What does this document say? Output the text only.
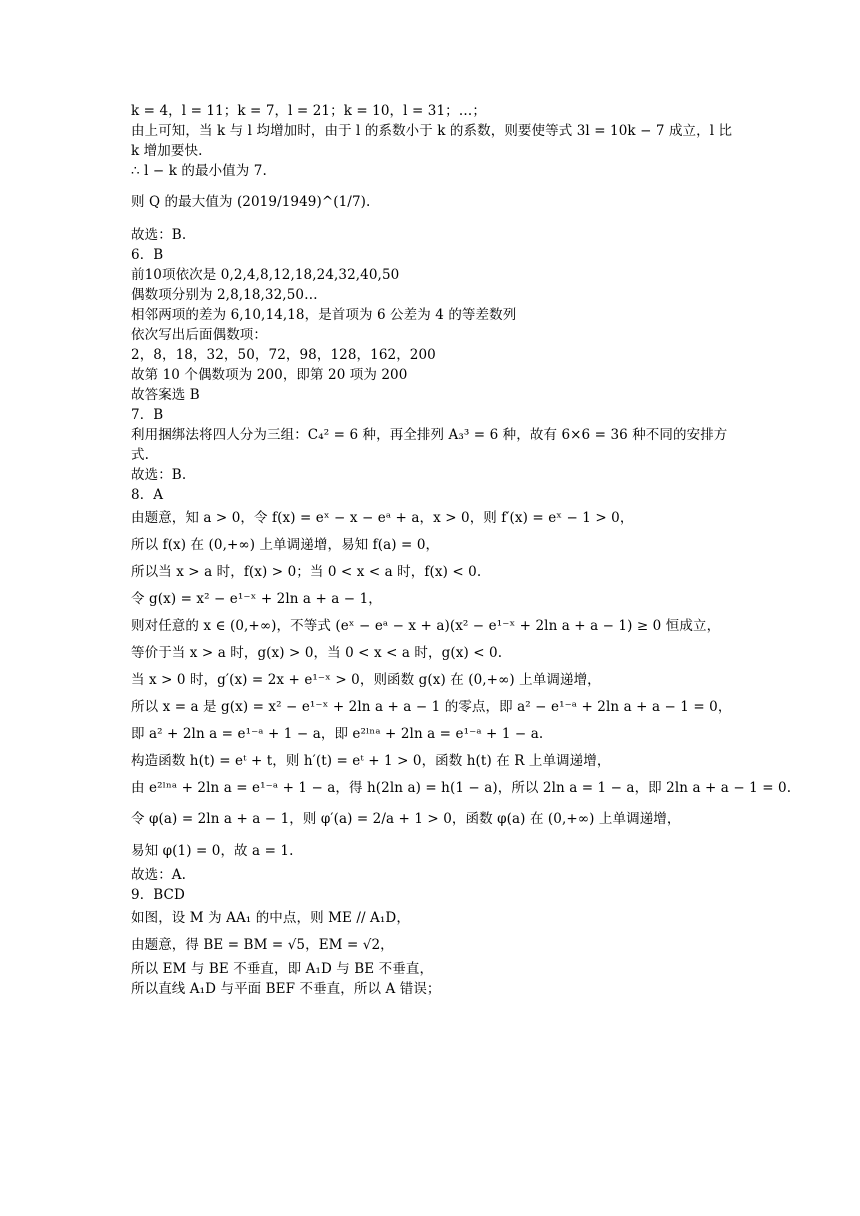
k = 4，l = 11；k = 7，l = 21；k = 10，l = 31；…；

由上可知，当 k 与 l 均增加时，由于 l 的系数小于 k 的系数，则要使等式 3l = 10k − 7 成立，l 比

k 增加要快.

∴ l − k 的最小值为 7.

则 Q 的最大值为 (2019/1949)^(1/7).

故选：B.

6．B

前10项依次是 0,2,4,8,12,18,24,32,40,50

偶数项分别为 2,8,18,32,50…

相邻两项的差为 6,10,14,18，是首项为 6 公差为 4 的等差数列

依次写出后面偶数项：

2，8，18，32，50，72，98，128，162，200

故第 10 个偶数项为 200，即第 20 项为 200

故答案选 B

7．B

利用捆绑法将四人分为三组：C₄² = 6 种，再全排列 A₃³ = 6 种，故有 6×6 = 36 种不同的安排方

式.

故选：B.

8．A

由题意，知 a > 0，令 f(x) = eˣ − x − eᵃ + a，x > 0，则 f′(x) = eˣ − 1 > 0，

所以 f(x) 在 (0,+∞) 上单调递增，易知 f(a) = 0，

所以当 x > a 时，f(x) > 0；当 0 < x < a 时，f(x) < 0.

令 g(x) = x² − e¹⁻ˣ + 2ln a + a − 1，

则对任意的 x ∈ (0,+∞)，不等式 (eˣ − eᵃ − x + a)(x² − e¹⁻ˣ + 2ln a + a − 1) ≥ 0 恒成立，

等价于当 x > a 时，g(x) > 0，当 0 < x < a 时，g(x) < 0.

当 x > 0 时，g′(x) = 2x + e¹⁻ˣ > 0，则函数 g(x) 在 (0,+∞) 上单调递增，

所以 x = a 是 g(x) = x² − e¹⁻ˣ + 2ln a + a − 1 的零点，即 a² − e¹⁻ᵃ + 2ln a + a − 1 = 0，

即 a² + 2ln a = e¹⁻ᵃ + 1 − a，即 e²ˡⁿᵃ + 2ln a = e¹⁻ᵃ + 1 − a.

构造函数 h(t) = eᵗ + t，则 h′(t) = eᵗ + 1 > 0，函数 h(t) 在 R 上单调递增，

由 e²ˡⁿᵃ + 2ln a = e¹⁻ᵃ + 1 − a，得 h(2ln a) = h(1 − a)，所以 2ln a = 1 − a，即 2ln a + a − 1 = 0.

令 φ(a) = 2ln a + a − 1，则 φ′(a) = 2/a + 1 > 0，函数 φ(a) 在 (0,+∞) 上单调递增，

易知 φ(1) = 0，故 a = 1.

故选：A.

9．BCD

如图，设 M 为 AA₁ 的中点，则 ME // A₁D，

由题意，得 BE = BM = √5，EM = √2，

所以 EM 与 BE 不垂直，即 A₁D 与 BE 不垂直，

所以直线 A₁D 与平面 BEF 不垂直，所以 A 错误；
